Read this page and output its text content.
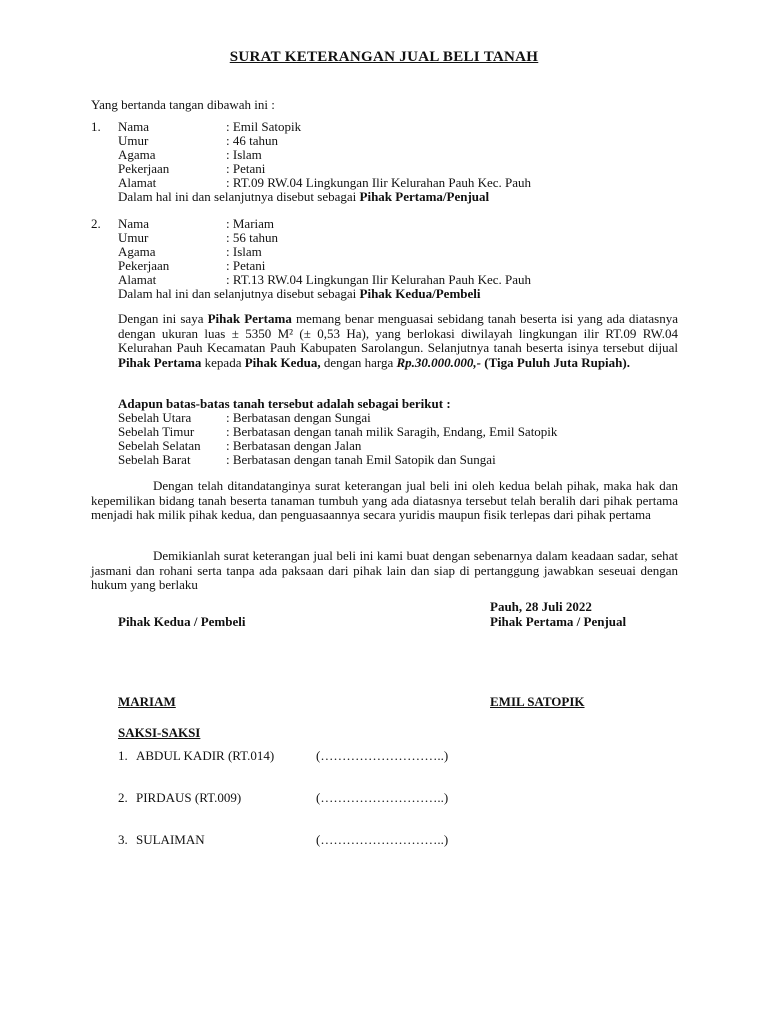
SURAT KETERANGAN JUAL BELI TANAH
Yang bertanda tangan dibawah ini :
1. Nama	: Emil Satopik
Umur	: 46 tahun
Agama	: Islam
Pekerjaan	: Petani
Alamat	: RT.09 RW.04 Lingkungan Ilir Kelurahan Pauh Kec. Pauh
Dalam hal ini dan selanjutnya disebut sebagai Pihak Pertama/Penjual
2. Nama	: Mariam
Umur	: 56 tahun
Agama	: Islam
Pekerjaan	: Petani
Alamat	: RT.13 RW.04 Lingkungan Ilir Kelurahan Pauh Kec. Pauh
Dalam hal ini dan selanjutnya disebut sebagai Pihak Kedua/Pembeli
Dengan ini saya Pihak Pertama memang benar menguasai sebidang tanah beserta isi yang ada diatasnya dengan ukuran luas ± 5350 M² (± 0,53 Ha), yang berlokasi diwilayah lingkungan ilir RT.09 RW.04 Kelurahan Pauh Kecamatan Pauh Kabupaten Sarolangun. Selanjutnya tanah beserta isinya tersebut dijual Pihak Pertama kepada Pihak Kedua, dengan harga Rp.30.000.000,- (Tiga Puluh Juta Rupiah).
Adapun batas-batas tanah tersebut adalah sebagai berikut :
Sebelah Utara	: Berbatasan dengan Sungai
Sebelah Timur : Berbatasan dengan tanah milik Saragih, Endang, Emil Satopik
Sebelah Selatan : Berbatasan dengan Jalan
Sebelah Barat	: Berbatasan dengan tanah Emil Satopik dan Sungai
Dengan telah ditandatanginya surat keterangan jual beli ini oleh kedua belah pihak, maka hak dan kepemilikan bidang tanah beserta tanaman tumbuh yang ada diatasnya tersebut telah beralih dari pihak pertama menjadi hak milik pihak kedua, dan penguasaannya secara yuridis maupun fisik terlepas dari pihak pertama
Demikianlah surat keterangan jual beli ini kami buat dengan sebenarnya dalam keadaan sadar, sehat jasmani dan rohani serta tanpa ada paksaan dari pihak lain dan siap di pertanggung jawabkan seseuai dengan hukum yang berlaku
Pauh, 28 Juli 2022
Pihak Kedua / Pembeli	Pihak Pertama / Penjual
MARIAM	EMIL SATOPIK
SAKSI-SAKSI
1. ABDUL KADIR (RT.014)	(………………………..)
2. PIRDAUS (RT.009)	(………………………..)
3. SULAIMAN	(………………………..)
